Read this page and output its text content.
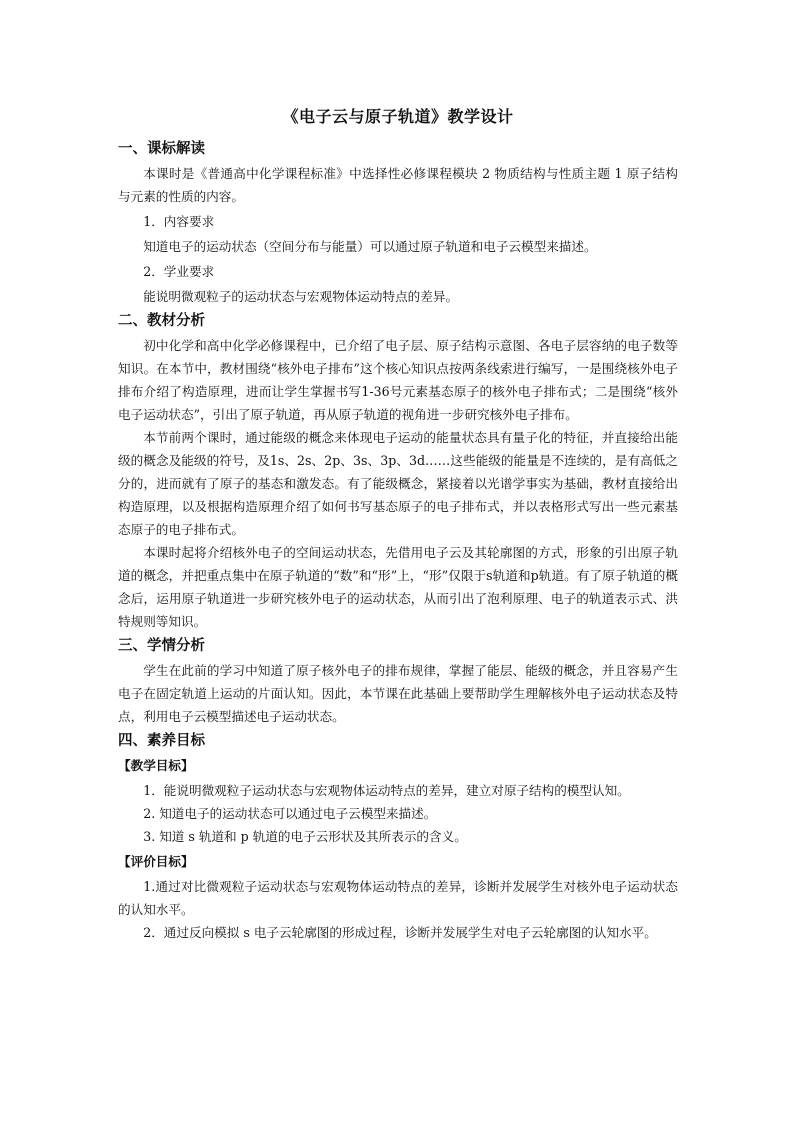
《电子云与原子轨道》教学设计
一、课标解读

本课时是《普通高中化学课程标准》中选择性必修课程模块 2 物质结构与性质主题 1 原子结构与元素的性质的内容。

1．内容要求

知道电子的运动状态（空间分布与能量）可以通过原子轨道和电子云模型来描述。

2．学业要求

能说明微观粒子的运动状态与宏观物体运动特点的差异。

二、教材分析

初中化学和高中化学必修课程中，已介绍了电子层、原子结构示意图、各电子层容纳的电子数等知识。在本节中，教材围绕“核外电子排布”这个核心知识点按两条线索进行编写，一是围绕核外电子排布介绍了构造原理，进而让学生掌握书写1-36号元素基态原子的核外电子排布式；二是围绕“核外电子运动状态”，引出了原子轨道，再从原子轨道的视角进一步研究核外电子排布。

本节前两个课时，通过能级的概念来体现电子运动的能量状态具有量子化的特征，并直接给出能级的概念及能级的符号，及1s、2s、2p、3s、3p、3d……这些能级的能量是不连续的，是有高低之分的，进而就有了原子的基态和激发态。有了能级概念，紧接着以光谱学事实为基础，教材直接给出构造原理，以及根据构造原理介绍了如何书写基态原子的电子排布式，并以表格形式写出一些元素基态原子的电子排布式。

本课时起将介绍核外电子的空间运动状态，先借用电子云及其轮廓图的方式，形象的引出原子轨道的概念，并把重点集中在原子轨道的“数”和“形”上，“形”仅限于s轨道和p轨道。有了原子轨道的概念后，运用原子轨道进一步研究核外电子的运动状态，从而引出了泡利原理、电子的轨道表示式、洪特规则等知识。

三、学情分析

学生在此前的学习中知道了原子核外电子的排布规律，掌握了能层、能级的概念，并且容易产生电子在固定轨道上运动的片面认知。因此，本节课在此基础上要帮助学生理解核外电子运动状态及特点，利用电子云模型描述电子运动状态。

四、素养目标
【教学目标】

1．能说明微观粒子运动状态与宏观物体运动特点的差异，建立对原子结构的模型认知。

2. 知道电子的运动状态可以通过电子云模型来描述。

3. 知道 s 轨道和 p 轨道的电子云形状及其所表示的含义。

【评价目标】

1.通过对比微观粒子运动状态与宏观物体运动特点的差异，诊断并发展学生对核外电子运动状态的认知水平。

2．通过反向模拟 s 电子云轮廓图的形成过程，诊断并发展学生对电子云轮廓图的认知水平。
